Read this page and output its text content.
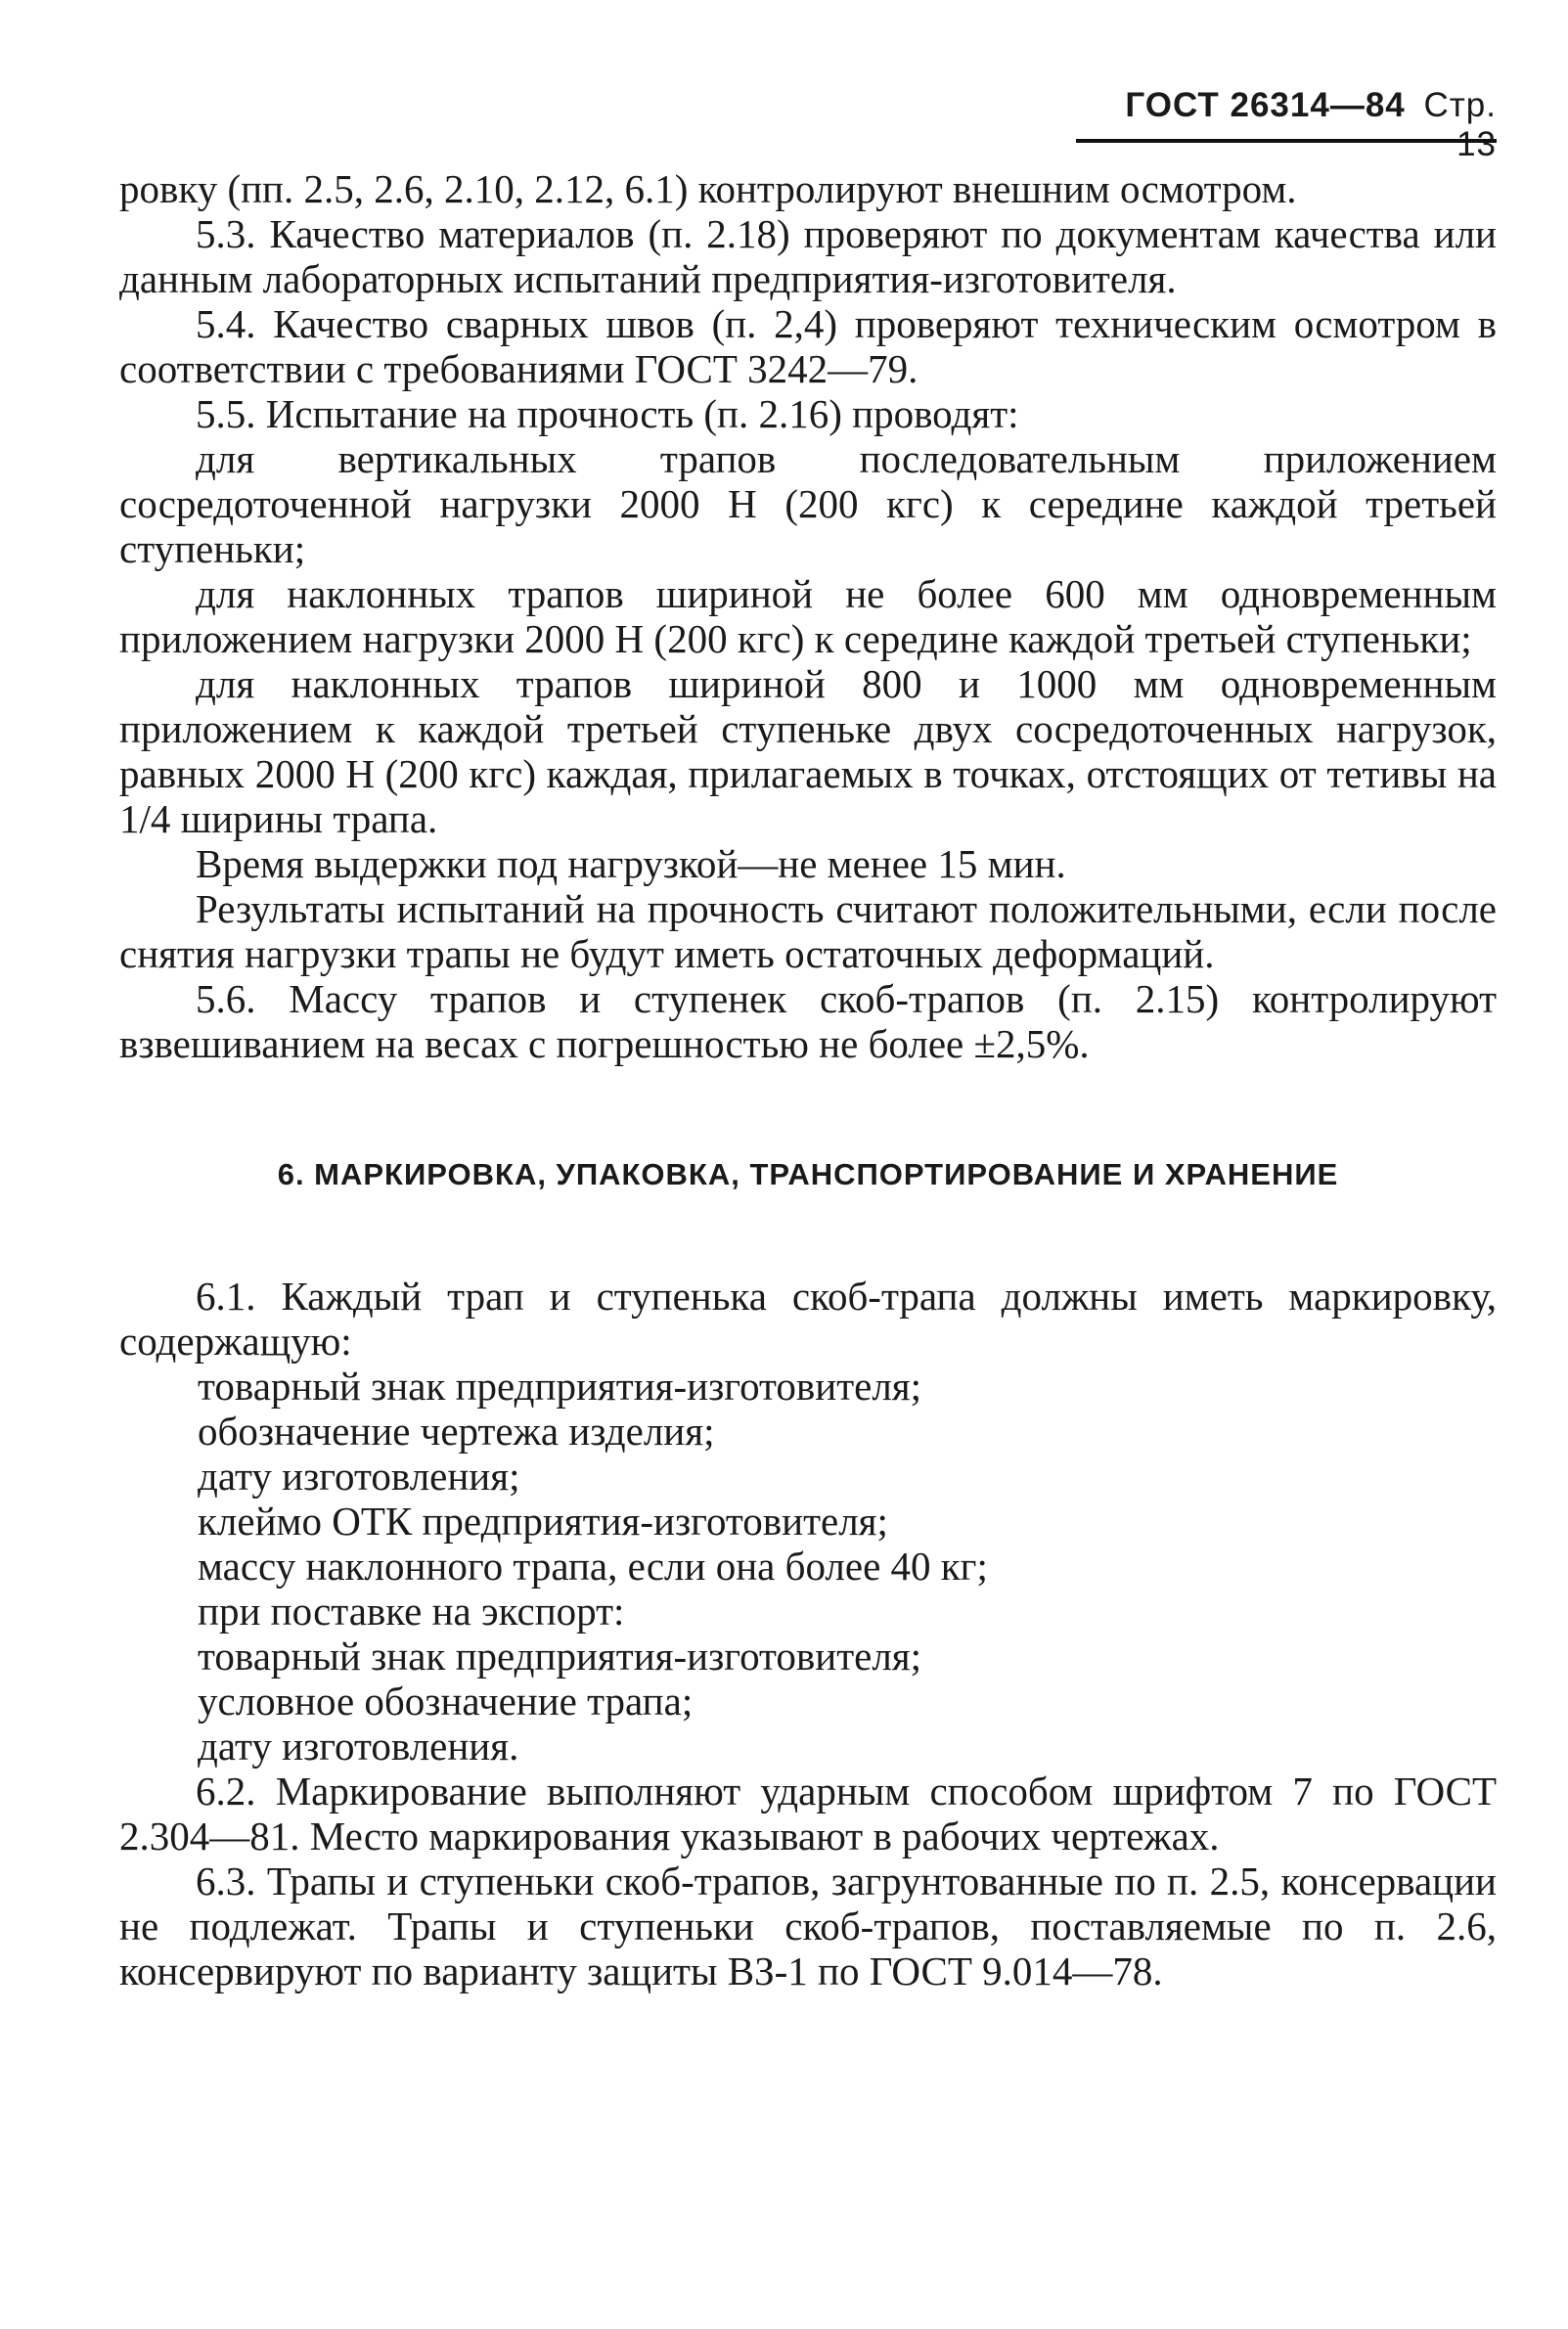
ГОСТ 26314—84 Стр. 13

ровку (пп. 2.5, 2.6, 2.10, 2.12, 6.1) контролируют внешним осмотром.

5.3. Качество материалов (п. 2.18) проверяют по документам качества или данным лабораторных испытаний предприятия-изготовителя.

5.4. Качество сварных швов (п. 2,4) проверяют техническим осмотром в соответствии с требованиями ГОСТ 3242—79.

5.5. Испытание на прочность (п. 2.16) проводят:

для вертикальных трапов последовательным приложением сосредоточенной нагрузки 2000 Н (200 кгс) к середине каждой третьей ступеньки;

для наклонных трапов шириной не более 600 мм одновременным приложением нагрузки 2000 Н (200 кгс) к середине каждой третьей ступеньки;

для наклонных трапов шириной 800 и 1000 мм одновременным приложением к каждой третьей ступеньке двух сосредоточенных нагрузок, равных 2000 Н (200 кгс) каждая, прилагаемых в точках, отстоящих от тетивы на 1/4 ширины трапа.

Время выдержки под нагрузкой—не менее 15 мин.

Результаты испытаний на прочность считают положительными, если после снятия нагрузки трапы не будут иметь остаточных деформаций.

5.6. Массу трапов и ступенек скоб-трапов (п. 2.15) контролируют взвешиванием на весах с погрешностью не более ±2,5%.

6. МАРКИРОВКА, УПАКОВКА, ТРАНСПОРТИРОВАНИЕ И ХРАНЕНИЕ

6.1. Каждый трап и ступенька скоб-трапа должны иметь маркировку, содержащую:

товарный знак предприятия-изготовителя;

обозначение чертежа изделия;

дату изготовления;

клеймо ОТК предприятия-изготовителя;

массу наклонного трапа, если она более 40 кг;

при поставке на экспорт:

товарный знак предприятия-изготовителя;

условное обозначение трапа;

дату изготовления.

6.2. Маркирование выполняют ударным способом шрифтом 7 по ГОСТ 2.304—81. Место маркирования указывают в рабочих чертежах.

6.3. Трапы и ступеньки скоб-трапов, загрунтованные по п. 2.5, консервации не подлежат. Трапы и ступеньки скоб-трапов, поставляемые по п. 2.6, консервируют по варианту защиты ВЗ-1 по ГОСТ 9.014—78.
